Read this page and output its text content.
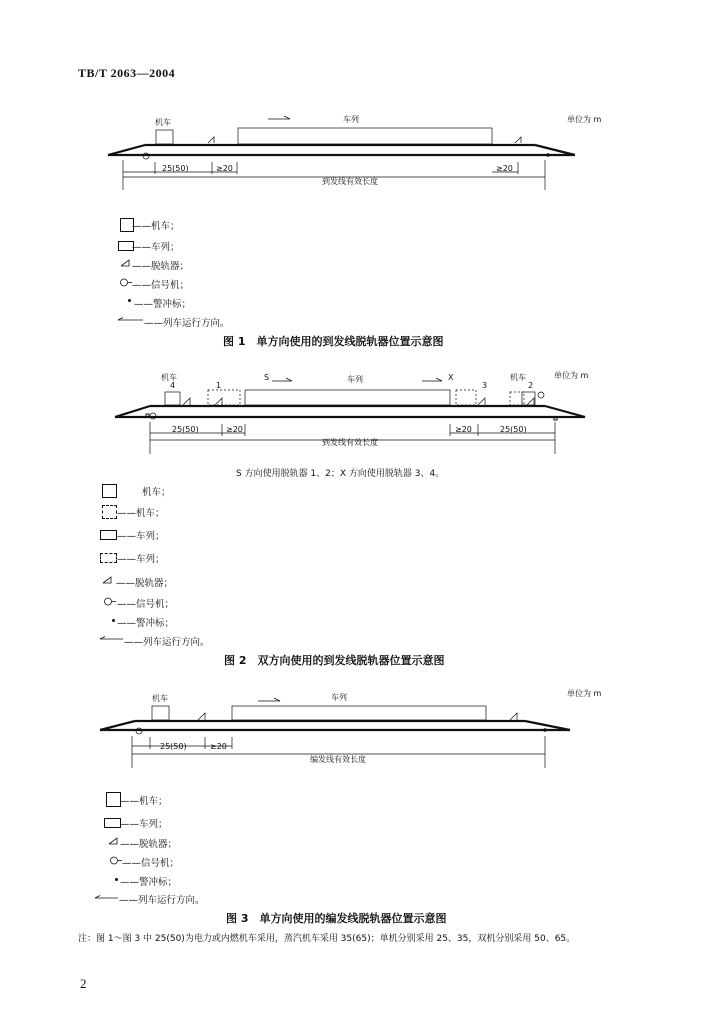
TB/T 2063—2004
机车	车列	单位为 m
25(50)	≥20	≥20
到发线有效长度
——机车；
——车列；
——脱轨器；
——信号机；
——警冲标；
——列车运行方向。
图 1　单方向使用的到发线脱轨器位置示意图
机车
4	1
S	车列	X
3
机车
2
单位为 m
25(50)	≥20	≥20	25(50)
到发线有效长度
S 方向使用脱轨器 1、2；X 方向使用脱轨器 3、4。
机车；
——机车；
——车列；
——车列；
——脱轨器；
——信号机；
——警冲标；
——列车运行方向。
图 2　双方向使用的到发线脱轨器位置示意图
机车	车列	单位为 m
25(50)	≥20
编发线有效长度
——机车；
——车列；
——脱轨器；
——信号机；
——警冲标；
——列车运行方向。
图 3　单方向使用的编发线脱轨器位置示意图
注：图 1～图 3 中 25(50)为电力或内燃机车采用，蒸汽机车采用 35(65)；单机分别采用 25、35，双机分别采用 50、65。
2
